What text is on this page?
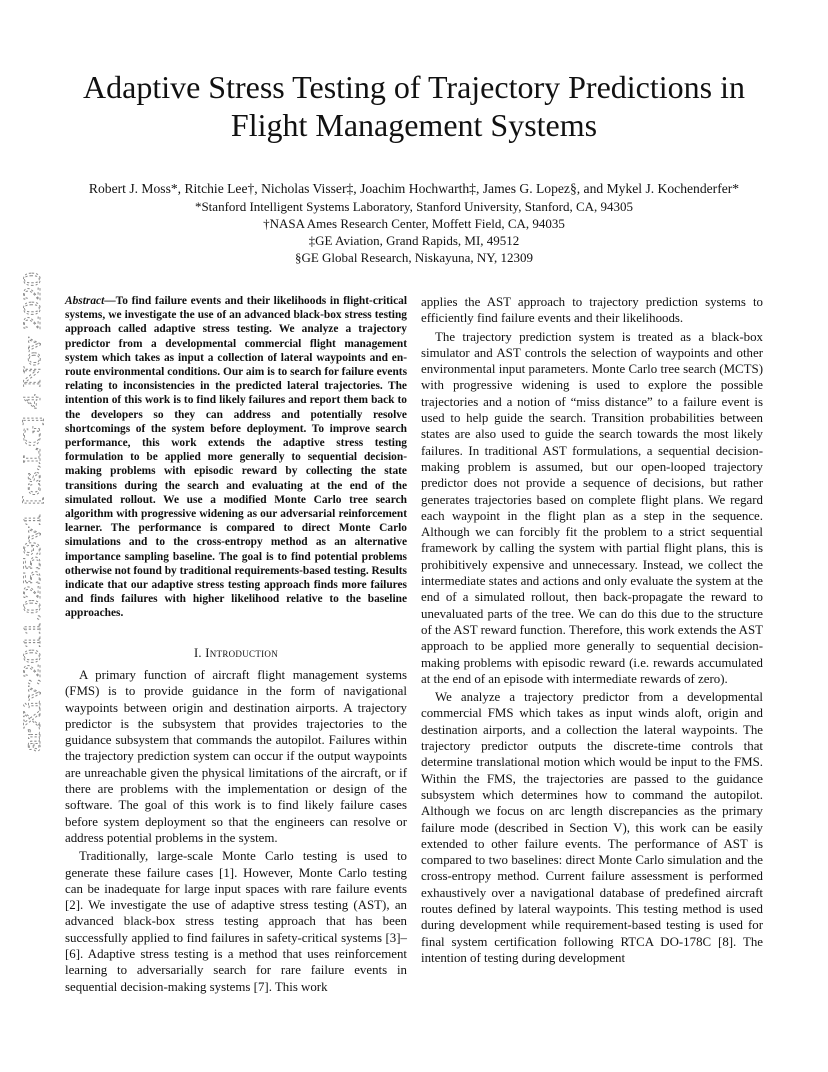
arXiv:2011.02559v1 [cs.LG] 4 Nov 2020
Adaptive Stress Testing of Trajectory Predictions in
Flight Management Systems
Robert J. Moss*, Ritchie Lee†, Nicholas Visser‡, Joachim Hochwarth‡, James G. Lopez§, and Mykel J. Kochenderfer*
*Stanford Intelligent Systems Laboratory, Stanford University, Stanford, CA, 94305
†NASA Ames Research Center, Moffett Field, CA, 94035
‡GE Aviation, Grand Rapids, MI, 49512
§GE Global Research, Niskayuna, NY, 12309

Abstract—To find failure events and their likelihoods in flight-critical systems, we investigate the use of an advanced black-box stress testing approach called adaptive stress testing. We analyze a trajectory predictor from a developmental commercial flight management system which takes as input a collection of lateral waypoints and en-route environmental conditions. Our aim is to search for failure events relating to inconsistencies in the predicted lateral trajectories. The intention of this work is to find likely failures and report them back to the developers so they can address and potentially resolve shortcomings of the system before deployment. To improve search performance, this work extends the adaptive stress testing formulation to be applied more generally to sequential decision-making problems with episodic reward by collecting the state transitions during the search and evaluating at the end of the simulated rollout. We use a modified Monte Carlo tree search algorithm with progressive widening as our adversarial reinforcement learner. The performance is compared to direct Monte Carlo simulations and to the cross-entropy method as an alternative importance sampling baseline. The goal is to find potential problems otherwise not found by traditional requirements-based testing. Results indicate that our adaptive stress testing approach finds more failures and finds failures with higher likelihood relative to the baseline approaches.

I. Introduction

A primary function of aircraft flight management systems (FMS) is to provide guidance in the form of navigational waypoints between origin and destination airports. A trajectory predictor is the subsystem that provides trajectories to the guidance subsystem that commands the autopilot. Failures within the trajectory prediction system can occur if the output waypoints are unreachable given the physical limitations of the aircraft, or if there are problems with the implementation or design of the software. The goal of this work is to find likely failure cases before system deployment so that the engineers can resolve or address potential problems in the system.

Traditionally, large-scale Monte Carlo testing is used to generate these failure cases [1]. However, Monte Carlo testing can be inadequate for large input spaces with rare failure events [2]. We investigate the use of adaptive stress testing (AST), an advanced black-box stress testing approach that has been successfully applied to find failures in safety-critical systems [3]–[6]. Adaptive stress testing is a method that uses reinforcement learning to adversarially search for rare failure events in sequential decision-making systems [7]. This work

applies the AST approach to trajectory prediction systems to efficiently find failure events and their likelihoods.

The trajectory prediction system is treated as a black-box simulator and AST controls the selection of waypoints and other environmental input parameters. Monte Carlo tree search (MCTS) with progressive widening is used to explore the possible trajectories and a notion of “miss distance” to a failure event is used to help guide the search. Transition probabilities between states are also used to guide the search towards the most likely failures. In traditional AST formulations, a sequential decision-making problem is assumed, but our open-looped trajectory predictor does not provide a sequence of decisions, but rather generates trajectories based on complete flight plans. We regard each waypoint in the flight plan as a step in the sequence. Although we can forcibly fit the problem to a strict sequential framework by calling the system with partial flight plans, this is prohibitively expensive and unnecessary. Instead, we collect the intermediate states and actions and only evaluate the system at the end of a simulated rollout, then back-propagate the reward to unevaluated parts of the tree. We can do this due to the structure of the AST reward function. Therefore, this work extends the AST approach to be applied more generally to sequential decision-making problems with episodic reward (i.e. rewards accumulated at the end of an episode with intermediate rewards of zero).

We analyze a trajectory predictor from a developmental commercial FMS which takes as input winds aloft, origin and destination airports, and a collection the lateral waypoints. The trajectory predictor outputs the discrete-time controls that determine translational motion which would be input to the FMS. Within the FMS, the trajectories are passed to the guidance subsystem which determines how to command the autopilot. Although we focus on arc length discrepancies as the primary failure mode (described in Section V), this work can be easily extended to other failure events. The performance of AST is compared to two baselines: direct Monte Carlo simulation and the cross-entropy method. Current failure assessment is performed exhaustively over a navigational database of predefined aircraft routes defined by lateral waypoints. This testing method is used during development while requirement-based testing is used for final system certification following RTCA DO-178C [8]. The intention of testing during development
